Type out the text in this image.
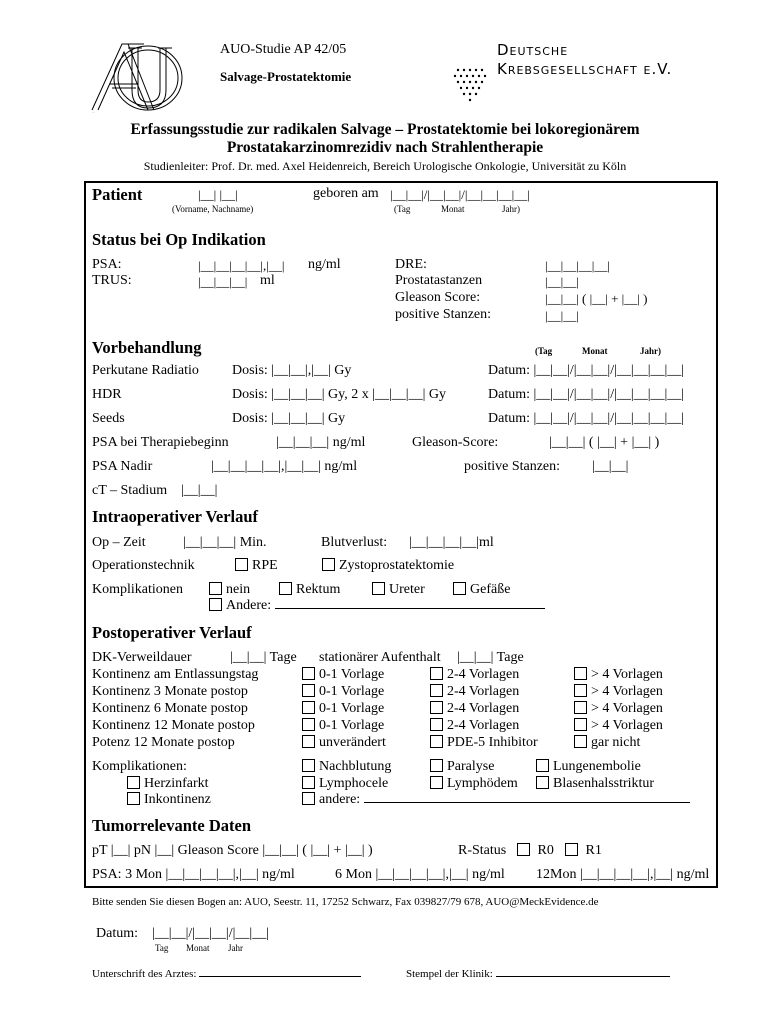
AUO
AUO-Studie AP 42/05
Salvage-Prostatektomie
Deutsche
Krebsgesellschaft e.V.
Erfassungsstudie zur radikalen Salvage – Prostatektomie bei lokoregionärem
Prostatakarzinomrezidiv nach Strahlentherapie
Studienleiter: Prof. Dr. med. Axel Heidenreich, Bereich Urologische Onkologie, Universität zu Köln
Patient	|__| |__|
(Vorname, Nachname)
geboren am |__|__|/|__|__|/|__|__|__|__|
(Tag	Monat	Jahr)
Status bei Op Indikation
PSA:	|__|__|__|__|,|__| ng/ml
TRUS:	|__|__|__| ml
DRE:	|__|__|__|__|
Prostatastanzen	|__|__|
Gleason Score:	|__|__| ( |__| + |__| )
positive Stanzen:	|__|__|
Vorbehandlung	(Tag	Monat	Jahr)
Perkutane Radiatio Dosis: |__|__|,|__| Gy	Datum: |__|__|/|__|__|/|__|__|__|__|
HDR	Dosis: |__|__|__| Gy, 2 x |__|__|__| Gy	Datum: |__|__|/|__|__|/|__|__|__|__|
Seeds	Dosis: |__|__|__| Gy	Datum: |__|__|/|__|__|/|__|__|__|__|
PSA bei Therapiebeginn	|__|__|__| ng/ml	Gleason-Score:	|__|__| ( |__| + |__| )
PSA Nadir	|__|__|__|__|,|__|__| ng/ml	positive Stanzen: |__|__|
cT – Stadium |__|__|
Intraoperativer Verlauf
Op – Zeit	|__|__|__| Min.	Blutverlust: |__|__|__|__|ml
Operationstechnik	RPE	Zystoprostatektomie
Komplikationen	nein	Rektum	Ureter	Gefäße
Andere:
Postoperativer Verlauf
DK-Verweildauer	|__|__| Tage stationärer Aufenthalt |__|__| Tage
Kontinenz am Entlassungstag	0-1 Vorlage	2-4 Vorlagen	> 4 Vorlagen
Kontinenz 3 Monate postop	0-1 Vorlage	2-4 Vorlagen	> 4 Vorlagen
Kontinenz 6 Monate postop	0-1 Vorlage	2-4 Vorlagen	> 4 Vorlagen
Kontinenz 12 Monate postop	0-1 Vorlage	2-4 Vorlagen	> 4 Vorlagen
Potenz 12 Monate postop	unverändert	PDE-5 Inhibitor	gar nicht
Komplikationen:	Nachblutung	Paralyse	Lungenembolie
Herzinfarkt	Lymphocele	Lymphödem	Blasenhalsstriktur
Inkontinenz	andere:
Tumorrelevante Daten
pT |__| pN |__| Gleason Score |__|__| ( |__| + |__| )	R-Status	R0	R1
PSA: 3 Mon |__|__|__|__|,|__| ng/ml	6 Mon |__|__|__|__|,|__| ng/ml 12Mon |__|__|__|__|,|__| ng/ml
Bitte senden Sie diesen Bogen an: AUO, Seestr. 11, 17252 Schwarz, Fax 039827/79 678, AUO@MeckEvidence.de
Datum: |__|__|/|__|__|/|__|__|
Tag Monat Jahr
Unterschrift des Arztes:	Stempel der Klinik:
